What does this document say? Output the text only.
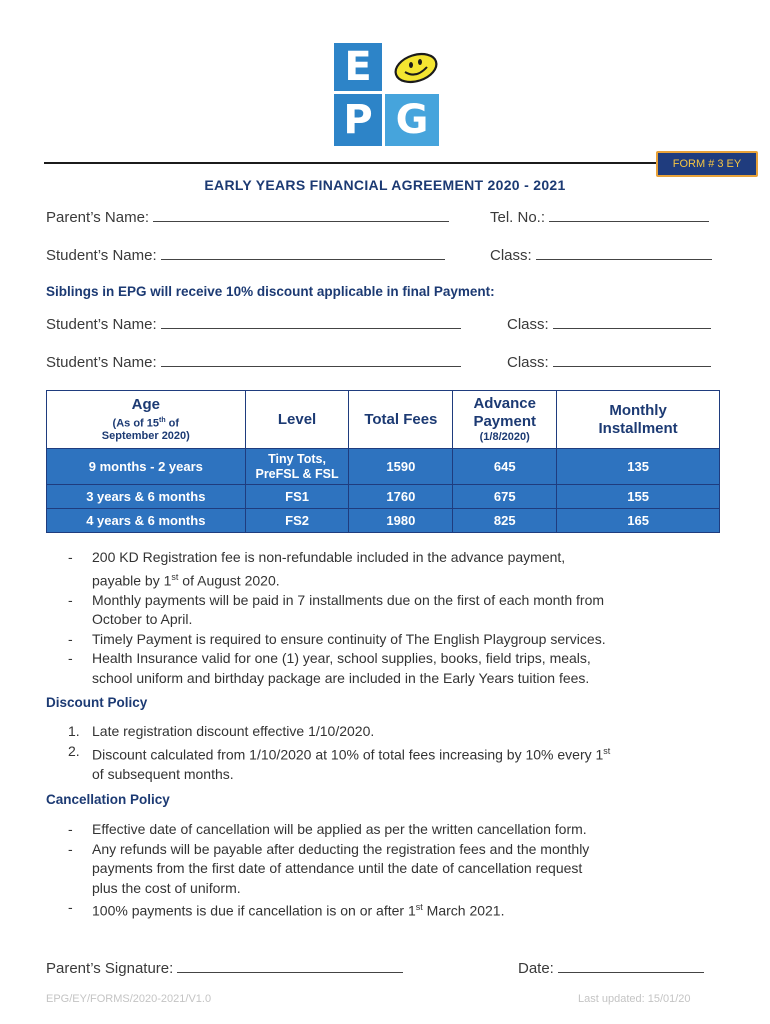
E
P G
FORM # 3 EY
EARLY YEARS FINANCIAL AGREEMENT 2020 - 2021
Parent’s Name:	Tel. No.:
Student’s Name:	Class:
Siblings in EPG will receive 10% discount applicable in final Payment:
Student’s Name:	Class:
Student’s Name:	Class:
Age
(As of 15th of
September 2020)	Level	Total Fees	Advance
Payment
(1/8/2020)	Monthly
Installment

9 months - 2 years	Tiny Tots,
PreFSL & FSL	1590	645	135
3 years & 6 months	FS1	1760	675	155
4 years & 6 months	FS2	1980	825	165
-	200 KD Registration fee is non-refundable included in the advance payment,
payable by 1st of August 2020.
-	Monthly payments will be paid in 7 installments due on the first of each month from
October to April.
-	Timely Payment is required to ensure continuity of The English Playgroup services.
-	Health Insurance valid for one (1) year, school supplies, books, field trips, meals,
school uniform and birthday package are included in the Early Years tuition fees.
Discount Policy
1. Late registration discount effective 1/10/2020.
2. Discount calculated from 1/10/2020 at 10% of total fees increasing by 10% every 1st
of subsequent months.
Cancellation Policy
-	Effective date of cancellation will be applied as per the written cancellation form.
-	Any refunds will be payable after deducting the registration fees and the monthly
payments from the first date of attendance until the date of cancellation request
plus the cost of uniform.
-	100% payments is due if cancellation is on or after 1st March 2021.
Parent’s Signature:	Date:
EPG/EY/FORMS/2020-2021/V1.0	Last updated: 15/01/20
